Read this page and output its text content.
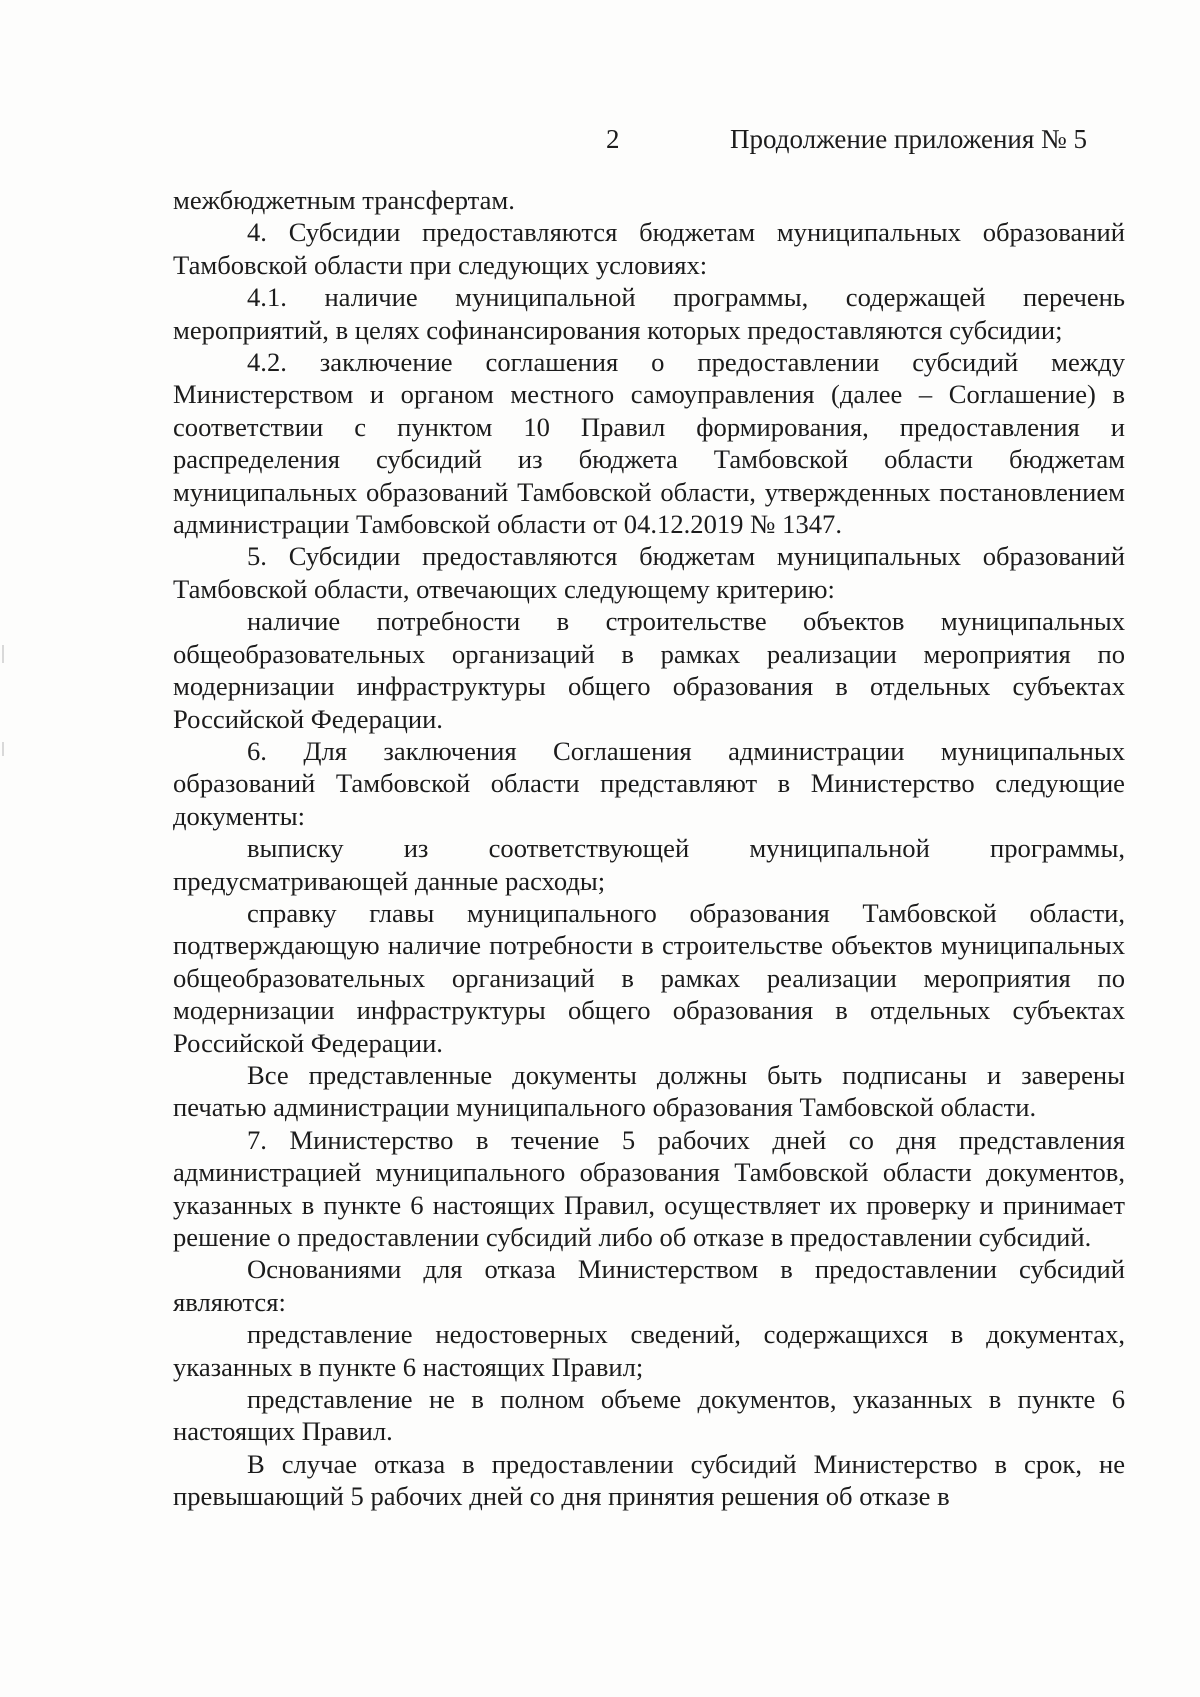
2	Продолжение приложения № 5

межбюджетным трансфертам.

4. Субсидии предоставляются бюджетам муниципальных образований Тамбовской области при следующих условиях:

4.1. наличие муниципальной программы, содержащей перечень мероприятий, в целях софинансирования которых предоставляются субсидии;

4.2. заключение соглашения о предоставлении субсидий между Министерством и органом местного самоуправления (далее – Соглашение) в соответствии с пунктом 10 Правил формирования, предоставления и распределения субсидий из бюджета Тамбовской области бюджетам муниципальных образований Тамбовской области, утвержденных постановлением администрации Тамбовской области от 04.12.2019 № 1347.

5. Субсидии предоставляются бюджетам муниципальных образований Тамбовской области, отвечающих следующему критерию:

наличие потребности в строительстве объектов муниципальных общеобразовательных организаций в рамках реализации мероприятия по модернизации инфраструктуры общего образования в отдельных субъектах Российской Федерации.

6. Для заключения Соглашения администрации муниципальных образований Тамбовской области представляют в Министерство следующие документы:

выписку из соответствующей муниципальной программы, предусматривающей данные расходы;

справку главы муниципального образования Тамбовской области, подтверждающую наличие потребности в строительстве объектов муниципальных общеобразовательных организаций в рамках реализации мероприятия по модернизации инфраструктуры общего образования в отдельных субъектах Российской Федерации.

Все представленные документы должны быть подписаны и заверены печатью администрации муниципального образования Тамбовской области.

7. Министерство в течение 5 рабочих дней со дня представления администрацией муниципального образования Тамбовской области документов, указанных в пункте 6 настоящих Правил, осуществляет их проверку и принимает решение о предоставлении субсидий либо об отказе в предоставлении субсидий.

Основаниями для отказа Министерством в предоставлении субсидий являются:

представление недостоверных сведений, содержащихся в документах, указанных в пункте 6 настоящих Правил;

представление не в полном объеме документов, указанных в пункте 6 настоящих Правил.

В случае отказа в предоставлении субсидий Министерство в срок, не превышающий 5 рабочих дней со дня принятия решения об отказе в
